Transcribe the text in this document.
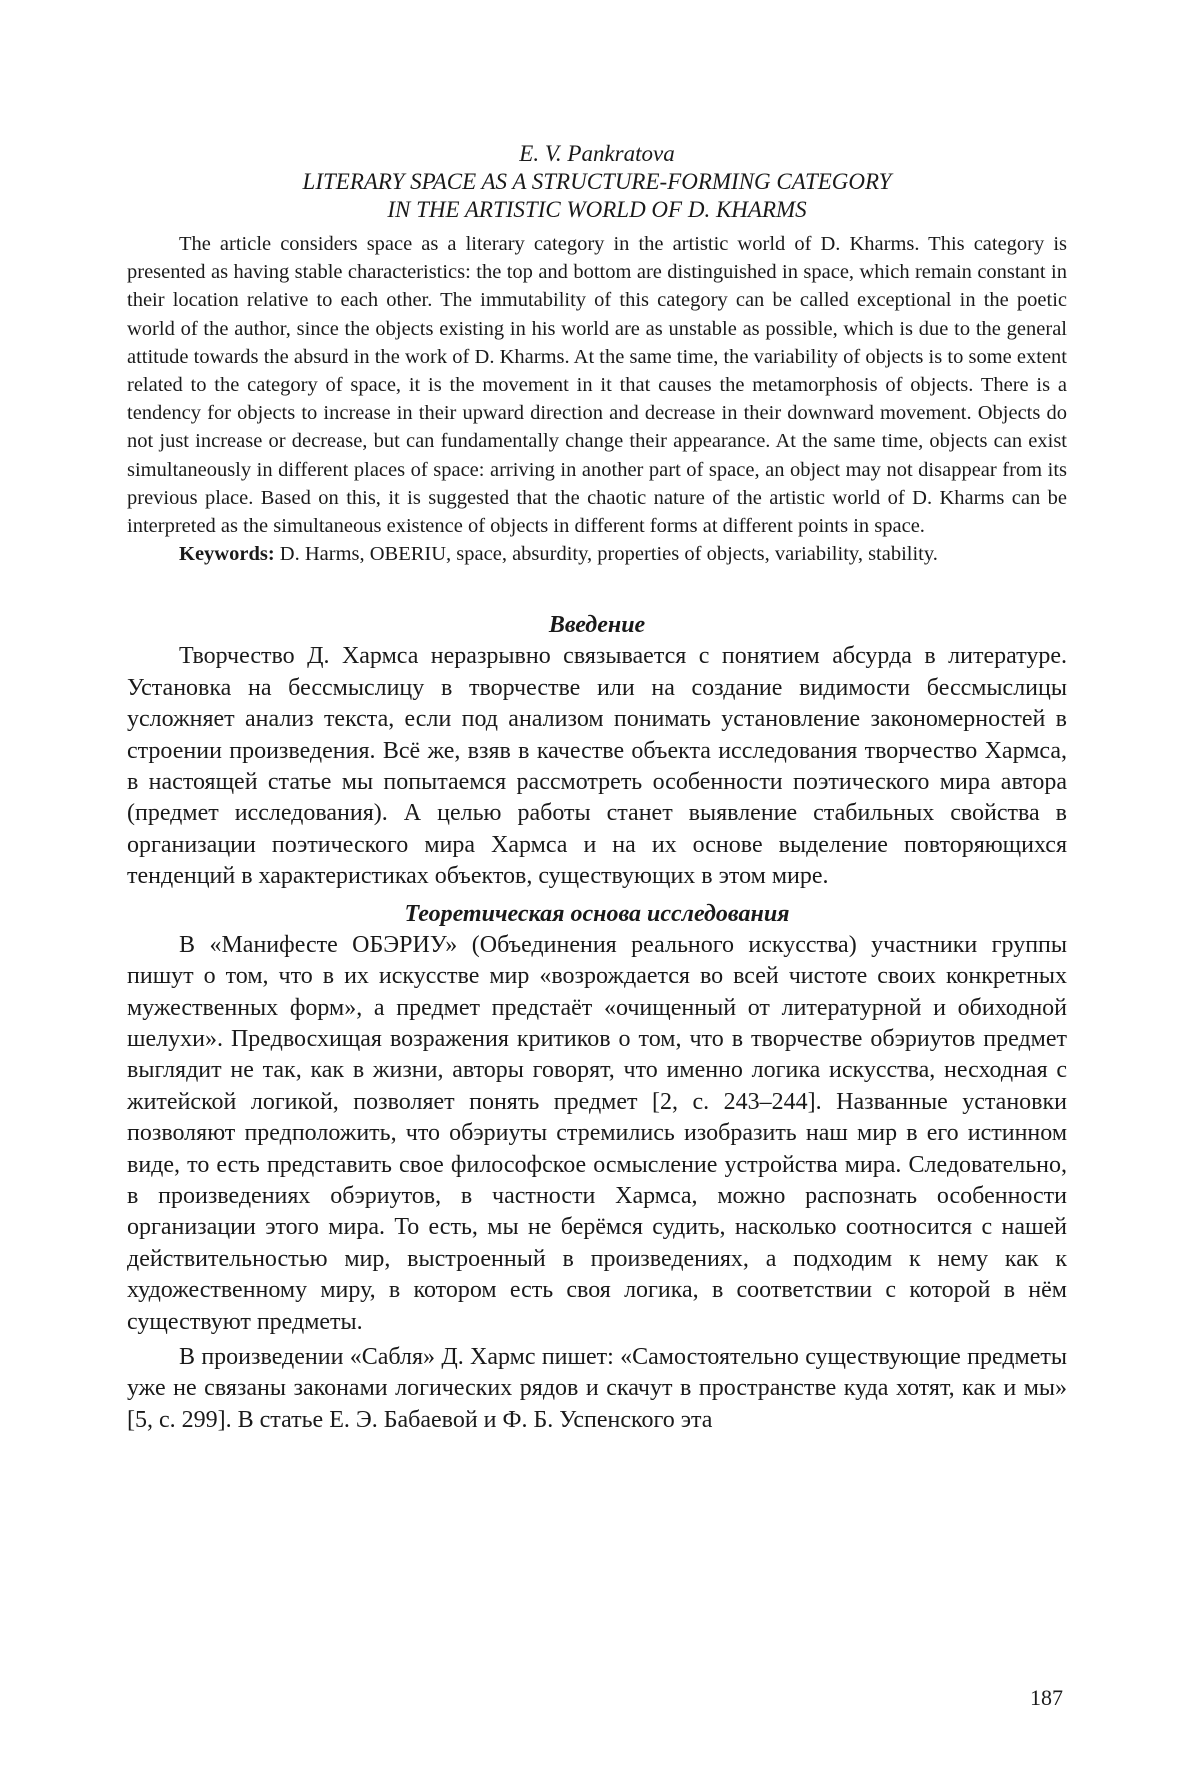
E. V. Pankratova

LITERARY SPACE AS A STRUCTURE-FORMING CATEGORY

IN THE ARTISTIC WORLD OF D. KHARMS

The article considers space as a literary category in the artistic world of D. Kharms. This category is presented as having stable characteristics: the top and bottom are distinguished in space, which remain constant in their location relative to each other. The immutability of this category can be called exceptional in the poetic world of the author, since the objects existing in his world are as unstable as possible, which is due to the general attitude towards the absurd in the work of D. Kharms. At the same time, the variability of objects is to some extent related to the category of space, it is the movement in it that causes the metamorphosis of objects. There is a tendency for objects to increase in their upward direction and decrease in their downward movement. Objects do not just increase or decrease, but can fundamentally change their appearance. At the same time, objects can exist simultaneously in different places of space: arriving in another part of space, an object may not disappear from its previous place. Based on this, it is suggested that the chaotic nature of the artistic world of D. Kharms can be interpreted as the simultaneous existence of objects in different forms at different points in space.

Keywords: D. Harms, OBERIU, space, absurdity, properties of objects, variability, stability.

Введение

Творчество Д. Хармса неразрывно связывается с понятием абсурда в литературе. Установка на бессмыслицу в творчестве или на создание видимости бессмыслицы усложняет анализ текста, если под анализом понимать установление закономерностей в строении произведения. Всё же, взяв в качестве объекта исследования творчество Хармса, в настоящей статье мы попытаемся рассмотреть особенности поэтического мира автора (предмет исследования). А целью работы станет выявление стабильных свойства в организации поэтического мира Хармса и на их основе выделение повторяющихся тенденций в характеристиках объектов, существующих в этом мире.

Теоретическая основа исследования

В «Манифесте ОБЭРИУ» (Объединения реального искусства) участники группы пишут о том, что в их искусстве мир «возрождается во всей чистоте своих конкретных мужественных форм», а предмет предстаёт «очищенный от литературной и обиходной шелухи». Предвосхищая возражения критиков о том, что в творчестве обэриутов предмет выглядит не так, как в жизни, авторы говорят, что именно логика искусства, несходная с житейской логикой, позволяет понять предмет [2, с. 243–244]. Названные установки позволяют предположить, что обэриуты стремились изобразить наш мир в его истинном виде, то есть представить свое философское осмысление устройства мира. Следовательно, в произведениях обэриутов, в частности Хармса, можно распознать особенности организации этого мира. То есть, мы не берёмся судить, насколько соотносится с нашей действительностью мир, выстроенный в произведениях, а подходим к нему как к художественному миру, в котором есть своя логика, в соответствии с которой в нём существуют предметы.

В произведении «Сабля» Д. Хармс пишет: «Самостоятельно существующие предметы уже не связаны законами логических рядов и скачут в пространстве куда хотят, как и мы» [5, с. 299]. В статье Е. Э. Бабаевой и Ф. Б. Успенского эта

187
